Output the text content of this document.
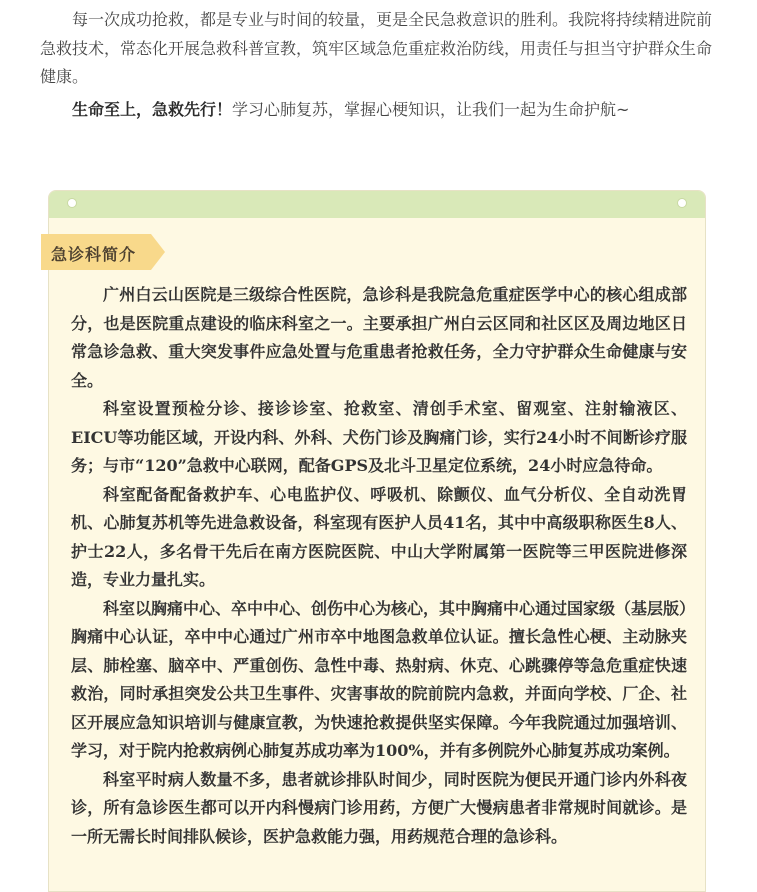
每一次成功抢救，都是专业与时间的较量，更是全民急救意识的胜利。我院将持续精进院前急救技术，常态化开展急救科普宣教，筑牢区域急危重症救治防线，用责任与担当守护群众生命健康。

生命至上，急救先行！学习心肺复苏，掌握心梗知识，让我们一起为生命护航~

急诊科简介

广州白云山医院是三级综合性医院，急诊科是我院急危重症医学中心的核心组成部分，也是医院重点建设的临床科室之一。主要承担广州白云区同和社区区及周边地区日常急诊急救、重大突发事件应急处置与危重患者抢救任务，全力守护群众生命健康与安全。

科室设置预检分诊、接诊诊室、抢救室、清创手术室、留观室、注射输液区、EICU等功能区域，开设内科、外科、犬伤门诊及胸痛门诊，实行24小时不间断诊疗服务；与市“120”急救中心联网，配备GPS及北斗卫星定位系统，24小时应急待命。

科室配备配备救护车、心电监护仪、呼吸机、除颤仪、血气分析仪、全自动洗胃机、心肺复苏机等先进急救设备，科室现有医护人员41名，其中中高级职称医生8人、护士22人，多名骨干先后在南方医院医院、中山大学附属第一医院等三甲医院进修深造，专业力量扎实。

科室以胸痛中心、卒中中心、创伤中心为核心，其中胸痛中心通过国家级（基层版）胸痛中心认证，卒中中心通过广州市卒中地图急救单位认证。擅长急性心梗、主动脉夹层、肺栓塞、脑卒中、严重创伤、急性中毒、热射病、休克、心跳骤停等急危重症快速救治，同时承担突发公共卫生事件、灾害事故的院前院内急救，并面向学校、厂企、社区开展应急知识培训与健康宣教，为快速抢救提供坚实保障。今年我院通过加强培训、学习，对于院内抢救病例心肺复苏成功率为100%，并有多例院外心肺复苏成功案例。

科室平时病人数量不多，患者就诊排队时间少，同时医院为便民开通门诊内外科夜诊，所有急诊医生都可以开内科慢病门诊用药，方便广大慢病患者非常规时间就诊。是一所无需长时间排队候诊，医护急救能力强，用药规范合理的急诊科。
